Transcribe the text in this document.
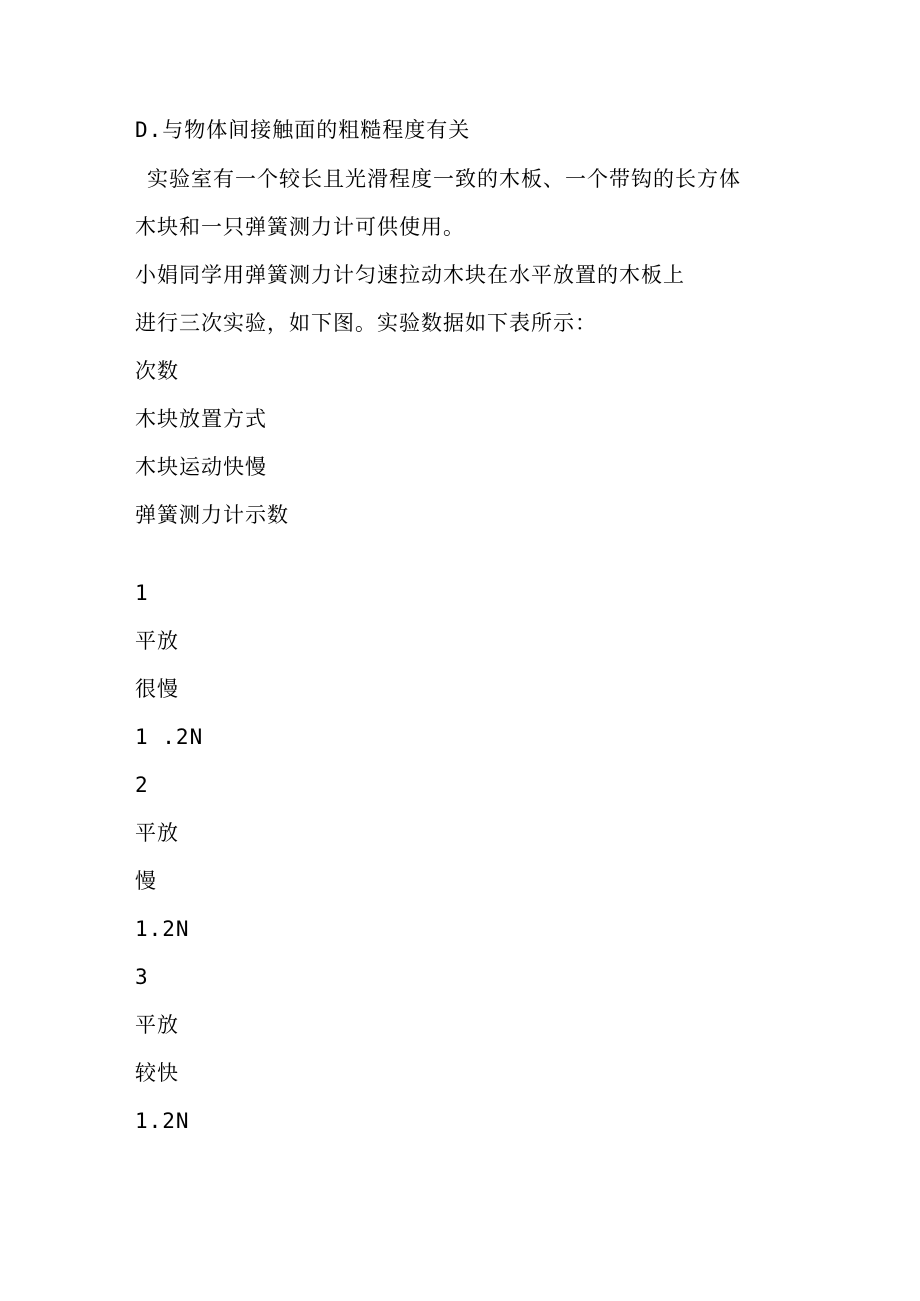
D.与物体间接触面的粗糙程度有关
实验室有一个较长且光滑程度一致的木板、一个带钩的长方体
木块和一只弹簧测力计可供使用。
小娟同学用弹簧测力计匀速拉动木块在水平放置的木板上
进行三次实验，如下图。实验数据如下表所示：
次数
木块放置方式
木块运动快慢
弹簧测力计示数
1
平放
很慢
1 .2N
2
平放
慢
1.2N
3
平放
较快
1.2N
